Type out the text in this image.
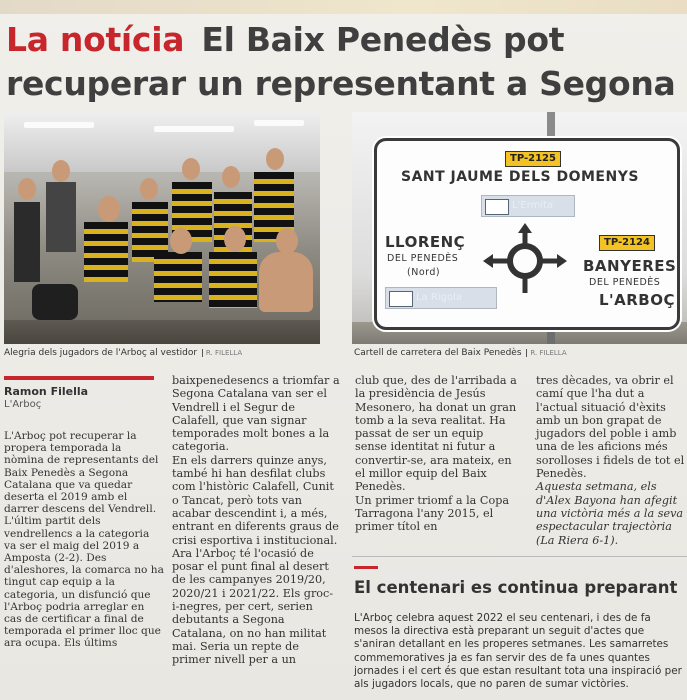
La notícia El Baix Penedès pot recuperar un representant a Segona
Alegria dels jugadors de l'Arboç al vestidor R. FILELLA
TP-2125
SANT JAUME DELS DOMENYS
L'Ermita
LLORENÇ
DEL PENEDÈS
(Nord)
La Rigola
TP-2124
BANYERES
DEL PENEDÈS
L'ARBOÇ
Cartell de carretera del Baix Penedès R. FILELLA
Ramon Filella
L'Arboç

L'Arboç pot recuperar la propera temporada la nòmina de representants del Baix Penedès a Segona Catalana que va quedar deserta el 2019 amb el darrer descens del Vendrell. L'últim partit dels vendrellencs a la categoria va ser el maig del 2019 a Amposta (2-2). Des d'aleshores, la comarca no ha tingut cap equip a la categoria, un disfunció que l'Arboç podria arreglar en cas de certificar a final de temporada el primer lloc que ara ocupa. Els últims

baixpenedesencs a triomfar a Segona Catalana van ser el Vendrell i el Segur de Calafell, que van signar temporades molt bones a la categoria.

En els darrers quinze anys, també hi han desfilat clubs com l'històric Calafell, Cunit o Tancat, però tots van acabar descendint i, a més, entrant en diferents graus de crisi esportiva i institucional.

Ara l'Arboç té l'ocasió de posar el punt final al desert de les campanyes 2019/20, 2020/21 i 2021/22. Els groc-i-negres, per cert, serien debutants a Segona Catalana, on no han militat mai. Seria un repte de primer nivell per a un

club que, des de l'arribada a la presidència de Jesús Mesonero, ha donat un gran tomb a la seva realitat. Ha passat de ser un equip sense identitat ni futur a convertir-se, ara mateix, en el millor equip del Baix Penedès.

Un primer triomf a la Copa Tarragona l'any 2015, el primer títol en

tres dècades, va obrir el camí que l'ha dut a l'actual situació d'èxits amb un bon grapat de jugadors del poble i amb una de les aficions més sorolloses i fidels de tot el Penedès.

Aquesta setmana, els d'Alex Bayona han afegit una victòria més a la seva espectacular trajectòria (La Riera 6-1).

El centenari es continua preparant
L'Arboç celebra aquest 2022 el seu centenari, i des de fa mesos la directiva està preparant un seguit d'actes que s'aniran detallant en les properes setmanes. Les samarretes commemoratives ja es fan servir des de fa unes quantes jornades i el cert és que estan resultant tota una inspiració per als jugadors locals, que no paren de sumar victòries.
